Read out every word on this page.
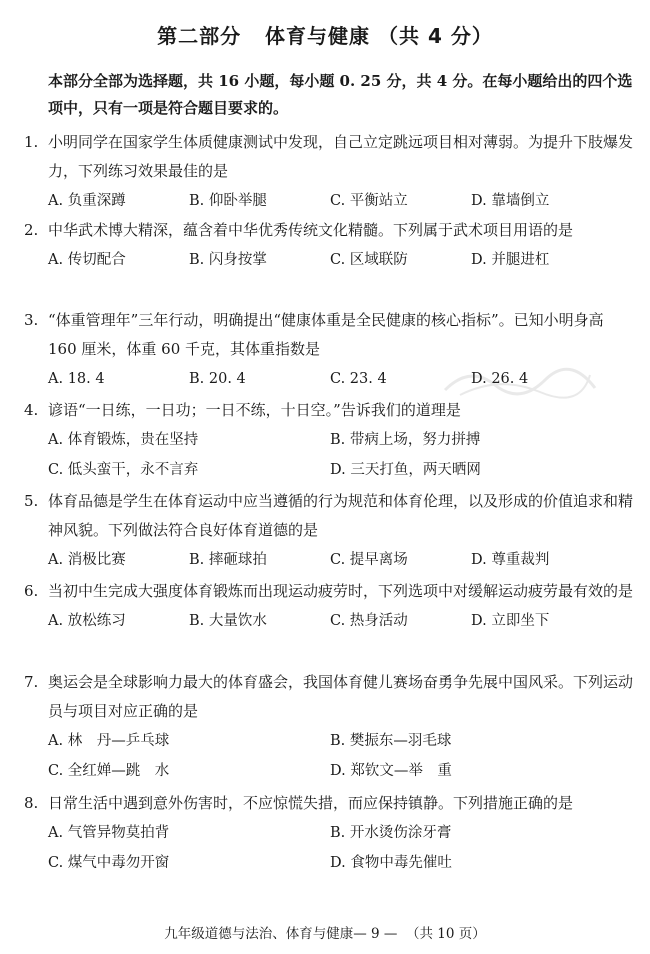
第二部分   体育与健康 （共 4 分）
本部分全部为选择题，共 16 小题，每小题 0. 25 分，共 4 分。在每小题给出的四个选项中，只有一项是符合题目要求的。
1. 小明同学在国家学生体质健康测试中发现，自己立定跳远项目相对薄弱。为提升下肢爆发力，下列练习效果最佳的是
A. 负重深蹲	B. 仰卧举腿	C. 平衡站立	D. 靠墙倒立
2. 中华武术博大精深，蕴含着中华优秀传统文化精髓。下列属于武术项目用语的是
A. 传切配合	B. 闪身按掌	C. 区域联防	D. 并腿进杠
3. “体重管理年”三年行动，明确提出“健康体重是全民健康的核心指标”。已知小明身高 160 厘米，体重 60 千克，其体重指数是
A. 18. 4	B. 20. 4	C. 23. 4	D. 26. 4
4. 谚语“一日练，一日功；一日不练，十日空。”告诉我们的道理是
A. 体育锻炼，贵在坚持	B. 带病上场，努力拼搏
C. 低头蛮干，永不言弃	D. 三天打鱼，两天晒网
5. 体育品德是学生在体育运动中应当遵循的行为规范和体育伦理，以及形成的价值追求和精神风貌。下列做法符合良好体育道德的是
A. 消极比赛	B. 摔砸球拍	C. 提早离场	D. 尊重裁判
6. 当初中生完成大强度体育锻炼而出现运动疲劳时，下列选项中对缓解运动疲劳最有效的是
A. 放松练习	B. 大量饮水	C. 热身活动	D. 立即坐下
7. 奥运会是全球影响力最大的体育盛会，我国体育健儿赛场奋勇争先展中国风采。下列运动员与项目对应正确的是
A. 林　丹—乒乓球	B. 樊振东—羽毛球
C. 全红婵—跳　水	D. 郑钦文—举　重
8. 日常生活中遇到意外伤害时，不应惊慌失措，而应保持镇静。下列措施正确的是
A. 气管异物莫拍背	B. 开水烫伤涂牙膏
C. 煤气中毒勿开窗	D. 食物中毒先催吐
九年级道德与法治、体育与健康— 9 —  （共 10 页）
